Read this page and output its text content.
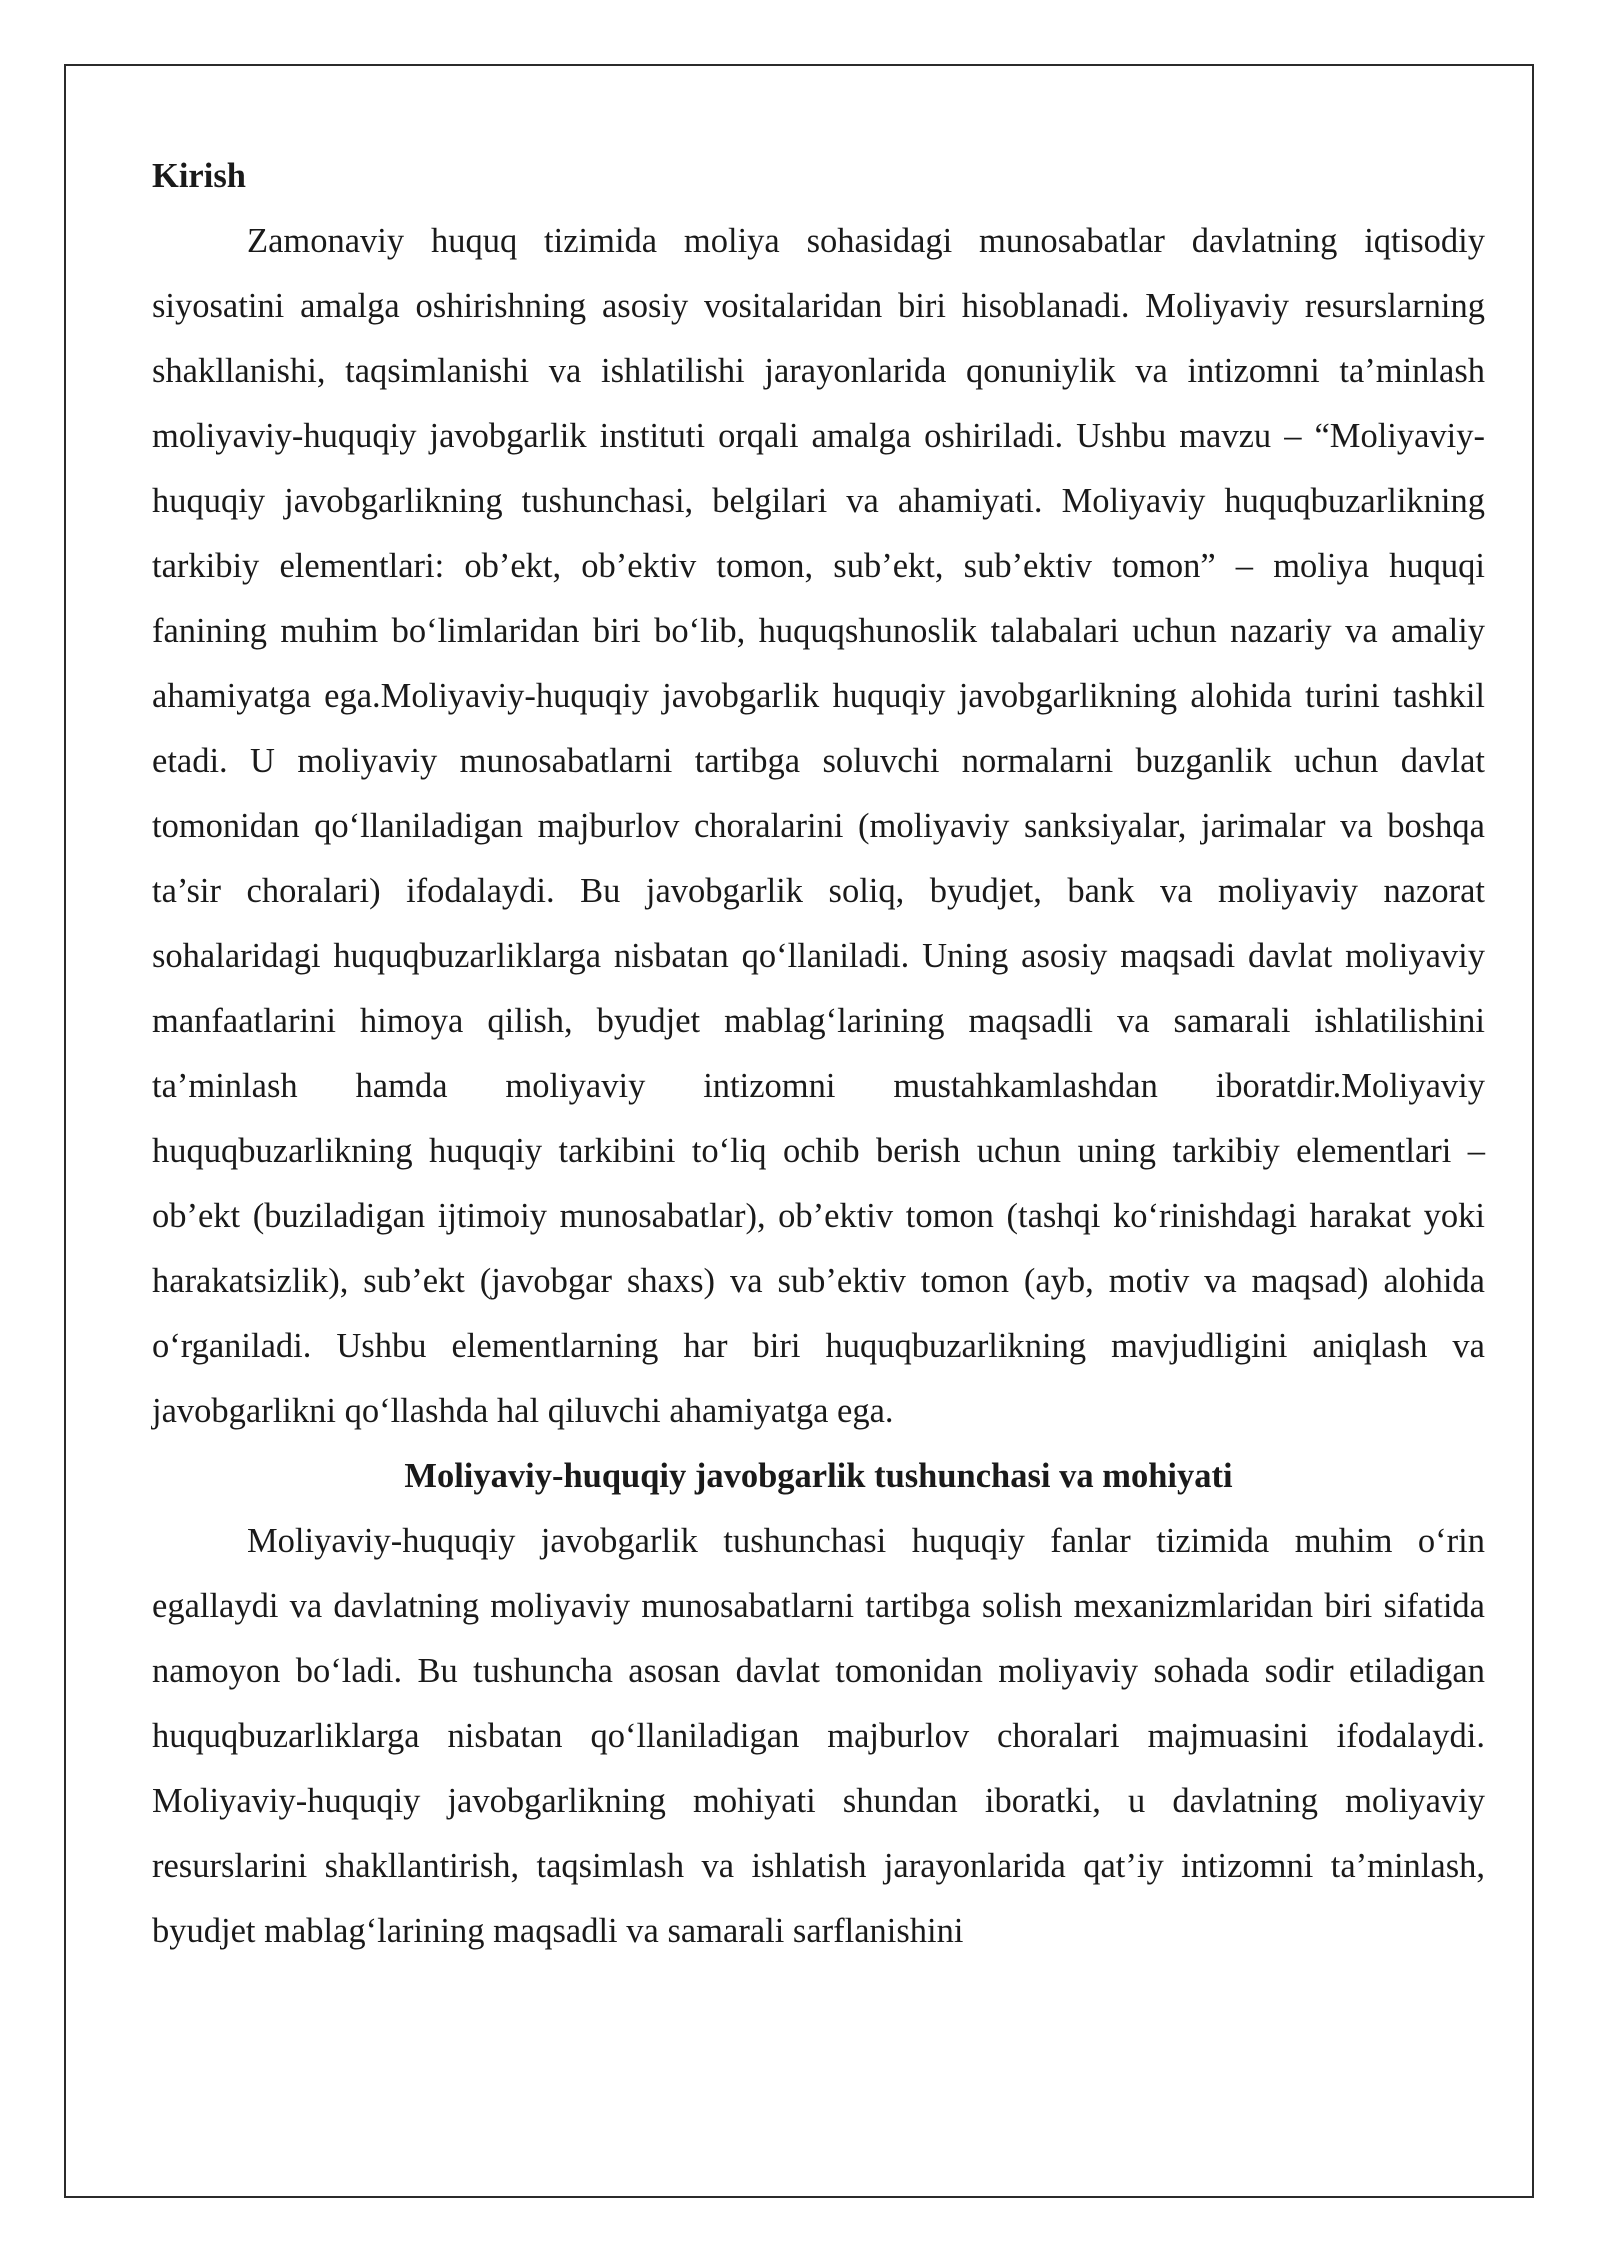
Kirish

Zamonaviy huquq tizimida moliya sohasidagi munosabatlar davlatning iqtisodiy siyosatini amalga oshirishning asosiy vositalaridan biri hisoblanadi. Moliyaviy resurslarning shakllanishi, taqsimlanishi va ishlatilishi jarayonlarida qonuniylik va intizomni ta’minlash moliyaviy-huquqiy javobgarlik instituti orqali amalga oshiriladi. Ushbu mavzu – “Moliyaviy-huquqiy javobgarlikning tushunchasi, belgilari va ahamiyati. Moliyaviy huquqbuzarlikning tarkibiy elementlari: ob’ekt, ob’ektiv tomon, sub’ekt, sub’ektiv tomon” – moliya huquqi fanining muhim bo‘limlaridan biri bo‘lib, huquqshunoslik talabalari uchun nazariy va amaliy ahamiyatga ega.Moliyaviy-huquqiy javobgarlik huquqiy javobgarlikning alohida turini tashkil etadi. U moliyaviy munosabatlarni tartibga soluvchi normalarni buzganlik uchun davlat tomonidan qo‘llaniladigan majburlov choralarini (moliyaviy sanksiyalar, jarimalar va boshqa ta’sir choralari) ifodalaydi. Bu javobgarlik soliq, byudjet, bank va moliyaviy nazorat sohalaridagi huquqbuzarliklarga nisbatan qo‘llaniladi. Uning asosiy maqsadi davlat moliyaviy manfaatlarini himoya qilish, byudjet mablag‘larining maqsadli va samarali ishlatilishini ta’minlash hamda moliyaviy intizomni mustahkamlashdan iboratdir.Moliyaviy huquqbuzarlikning huquqiy tarkibini to‘liq ochib berish uchun uning tarkibiy elementlari – ob’ekt (buziladigan ijtimoiy munosabatlar), ob’ektiv tomon (tashqi ko‘rinishdagi harakat yoki harakatsizlik), sub’ekt (javobgar shaxs) va sub’ektiv tomon (ayb, motiv va maqsad) alohida o‘rganiladi. Ushbu elementlarning har biri huquqbuzarlikning mavjudligini aniqlash va javobgarlikni qo‘llashda hal qiluvchi ahamiyatga ega.

Moliyaviy-huquqiy javobgarlik tushunchasi va mohiyati

Moliyaviy-huquqiy javobgarlik tushunchasi huquqiy fanlar tizimida muhim o‘rin egallaydi va davlatning moliyaviy munosabatlarni tartibga solish mexanizmlaridan biri sifatida namoyon bo‘ladi. Bu tushuncha asosan davlat tomonidan moliyaviy sohada sodir etiladigan huquqbuzarliklarga nisbatan qo‘llaniladigan majburlov choralari majmuasini ifodalaydi. Moliyaviy-huquqiy javobgarlikning mohiyati shundan iboratki, u davlatning moliyaviy resurslarini shakllantirish, taqsimlash va ishlatish jarayonlarida qat’iy intizomni ta’minlash, byudjet mablag‘larining maqsadli va samarali sarflanishini
